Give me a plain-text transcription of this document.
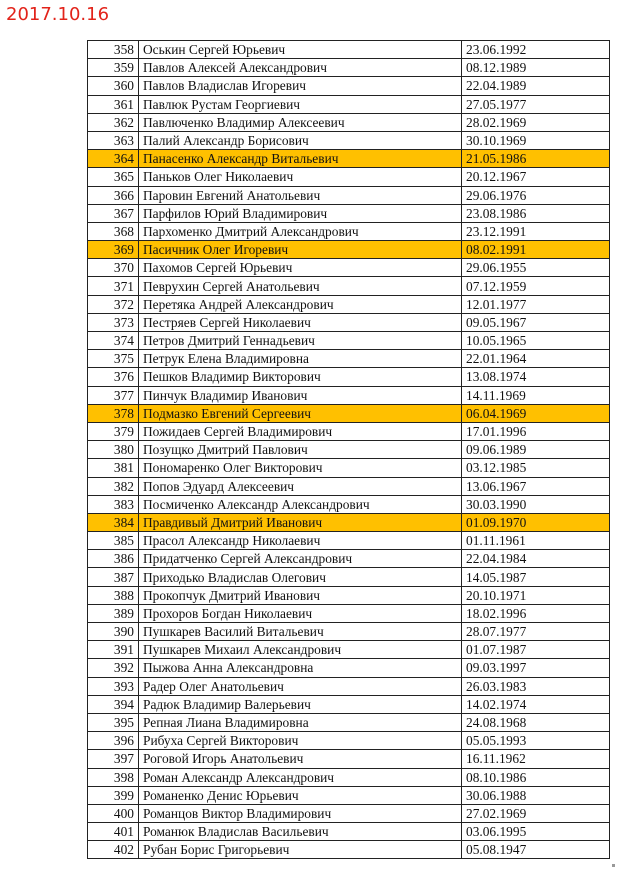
2017.10.16
358	Оськин Сергей Юрьевич	23.06.1992
359	Павлов Алексей Александрович	08.12.1989
360	Павлов Владислав Игоревич	22.04.1989
361	Павлюк Рустам Георгиевич	27.05.1977
362	Павлюченко Владимир Алексеевич	28.02.1969
363	Палий Александр Борисович	30.10.1969
364	Панасенко Александр Витальевич	21.05.1986
365	Паньков Олег Николаевич	20.12.1967
366	Паровин Евгений Анатольевич	29.06.1976
367	Парфилов Юрий Владимирович	23.08.1986
368	Пархоменко Дмитрий Александрович	23.12.1991
369	Пасичник Олег Игоревич	08.02.1991
370	Пахомов Сергей Юрьевич	29.06.1955
371	Певрухин Сергей Анатольевич	07.12.1959
372	Перетяка Андрей Александрович	12.01.1977
373	Пестряев Сергей Николаевич	09.05.1967
374	Петров Дмитрий Геннадьевич	10.05.1965
375	Петрук Елена Владимировна	22.01.1964
376	Пешков Владимир Викторович	13.08.1974
377	Пинчук Владимир Иванович	14.11.1969
378	Подмазко Евгений Сергеевич	06.04.1969
379	Пожидаев Сергей Владимирович	17.01.1996
380	Позущко Дмитрий Павлович	09.06.1989
381	Пономаренко Олег Викторович	03.12.1985
382	Попов Эдуард Алексеевич	13.06.1967
383	Посмиченко Александр Александрович	30.03.1990
384	Правдивый Дмитрий Иванович	01.09.1970
385	Прасол Александр Николаевич	01.11.1961
386	Придатченко Сергей Александрович	22.04.1984
387	Приходько Владислав Олегович	14.05.1987
388	Прокопчук Дмитрий Иванович	20.10.1971
389	Прохоров Богдан Николаевич	18.02.1996
390	Пушкарев Василий Витальевич	28.07.1977
391	Пушкарев Михаил Александрович	01.07.1987
392	Пыжова Анна Александровна	09.03.1997
393	Радер Олег Анатольевич	26.03.1983
394	Радюк Владимир Валерьевич	14.02.1974
395	Репная Лиана Владимировна	24.08.1968
396	Рибуха Сергей Викторович	05.05.1993
397	Роговой Игорь Анатольевич	16.11.1962
398	Роман Александр Александрович	08.10.1986
399	Романенко Денис Юрьевич	30.06.1988
400	Романцов Виктор Владимирович	27.02.1969
401	Романюк Владислав Васильевич	03.06.1995
402	Рубан Борис Григорьевич	05.08.1947
